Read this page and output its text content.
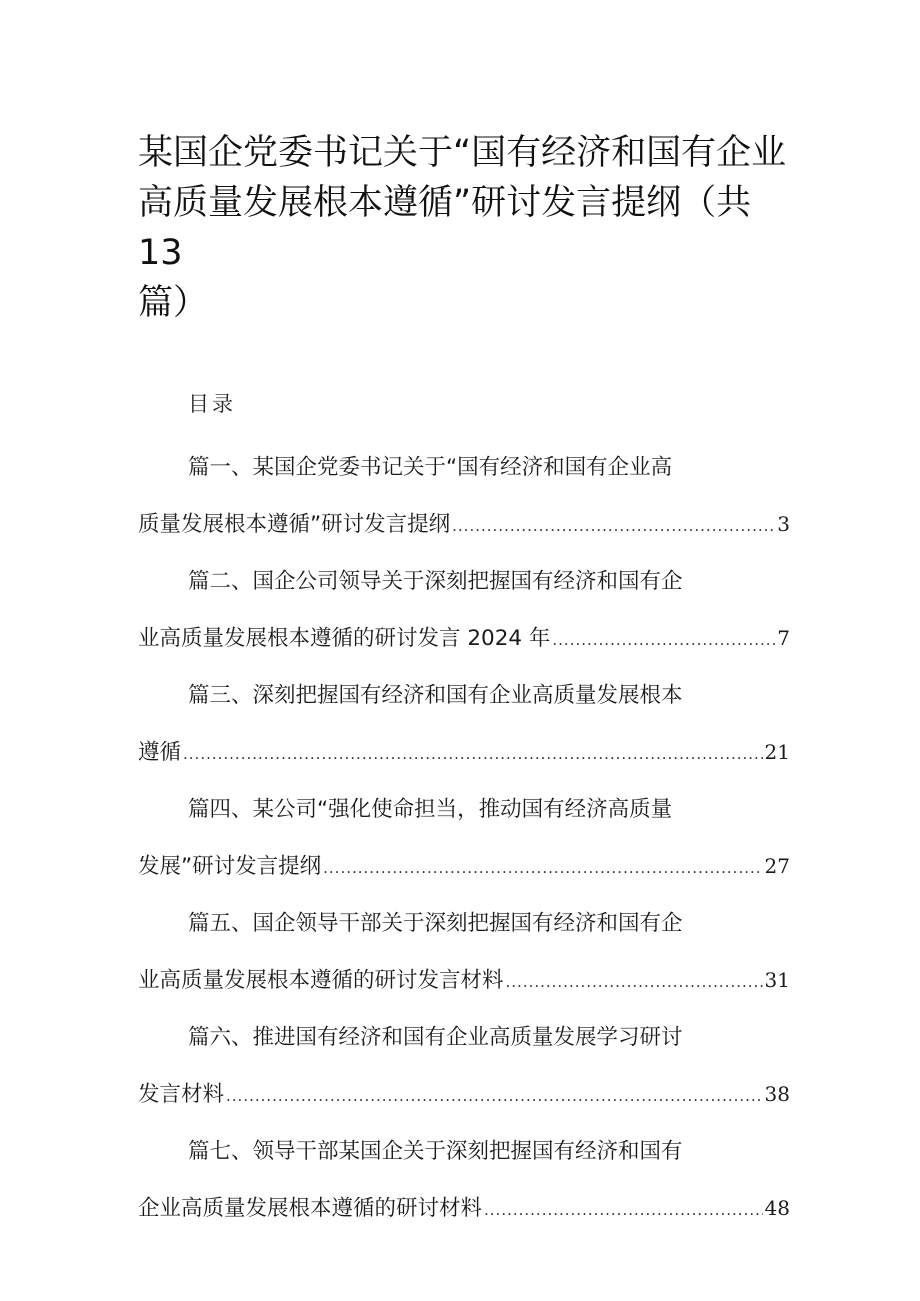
某国企党委书记关于“国有经济和国有企业
高质量发展根本遵循”研讨发言提纲（共 13
篇）
目录
篇一、某国企党委书记关于“国有经济和国有企业高
质量发展根本遵循”研讨发言提纲 .....	3
篇二、国企公司领导关于深刻把握国有经济和国有企
业高质量发展根本遵循的研讨发言 2024 年 .....	7
篇三、深刻把握国有经济和国有企业高质量发展根本
遵循 .....	21
篇四、某公司“强化使命担当，推动国有经济高质量
发展”研讨发言提纲 .....	27
篇五、国企领导干部关于深刻把握国有经济和国有企
业高质量发展根本遵循的研讨发言材料 .....	31
篇六、推进国有经济和国有企业高质量发展学习研讨
发言材料 .....	38
篇七、领导干部某国企关于深刻把握国有经济和国有
企业高质量发展根本遵循的研讨材料 .....	48
